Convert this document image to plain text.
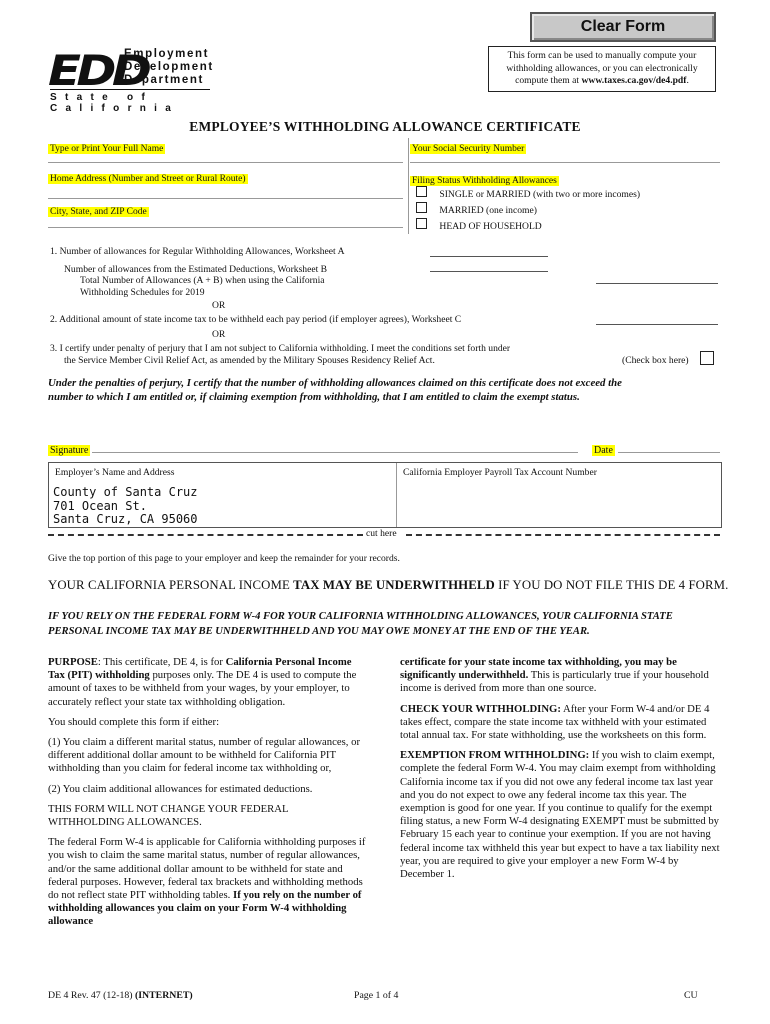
Clear Form
EDD
Employment
Development
Department
State of California
This form can be used to manually compute your
withholding allowances, or you can electronically
compute them at www.taxes.ca.gov/de4.pdf.
EMPLOYEE’S WITHHOLDING ALLOWANCE CERTIFICATE
Type or Print Your Full Name	Your Social Security Number
Home Address (Number and Street or Rural Route)	Filing Status Withholding Allowances
City, State, and ZIP Code
SINGLE or MARRIED (with two or more incomes)
MARRIED (one income)
HEAD OF HOUSEHOLD
1. Number of allowances for Regular Withholding Allowances, Worksheet A
Number of allowances from the Estimated Deductions, Worksheet B
Total Number of Allowances (A + B) when using the California
Withholding Schedules for 2019
OR
2. Additional amount of state income tax to be withheld each pay period (if employer agrees), Worksheet C
OR
3. I certify under penalty of perjury that I am not subject to California withholding. I meet the conditions set forth under
the Service Member Civil Relief Act, as amended by the Military Spouses Residency Relief Act.	(Check box here)
Under the penalties of perjury, I certify that the number of withholding allowances claimed on this certificate does not exceed the
number to which I am entitled or, if claiming exemption from withholding, that I am entitled to claim the exempt status.
Signature	Date
Employer’s Name and Address	California Employer Payroll Tax Account Number
County of Santa Cruz
701 Ocean St.
Santa Cruz, CA 95060
cut here
Give the top portion of this page to your employer and keep the remainder for your records.
YOUR CALIFORNIA PERSONAL INCOME TAX MAY BE UNDERWITHHELD IF YOU DO NOT FILE THIS DE 4 FORM.
IF YOU RELY ON THE FEDERAL FORM W-4 FOR YOUR CALIFORNIA WITHHOLDING ALLOWANCES, YOUR CALIFORNIA STATE
PERSONAL INCOME TAX MAY BE UNDERWITHHELD AND YOU MAY OWE MONEY AT THE END OF THE YEAR.

PURPOSE: This certificate, DE 4, is for California Personal Income Tax (PIT) withholding purposes only. The DE 4 is used to compute the amount of taxes to be withheld from your wages, by your employer, to accurately reflect your state tax withholding obligation.

You should complete this form if either:

(1) You claim a different marital status, number of regular allowances, or different additional dollar amount to be withheld for California PIT withholding than you claim for federal income tax withholding or,

(2) You claim additional allowances for estimated deductions.

THIS FORM WILL NOT CHANGE YOUR FEDERAL WITHHOLDING ALLOWANCES.

The federal Form W-4 is applicable for California withholding purposes if you wish to claim the same marital status, number of regular allowances, and/or the same additional dollar amount to be withheld for state and federal purposes. However, federal tax brackets and withholding methods do not reflect state PIT withholding tables. If you rely on the number of withholding allowances you claim on your Form W-4 withholding allowance

certificate for your state income tax withholding, you may be significantly underwithheld. This is particularly true if your household income is derived from more than one source.

CHECK YOUR WITHHOLDING: After your Form W-4 and/or DE 4 takes effect, compare the state income tax withheld with your estimated total annual tax. For state withholding, use the worksheets on this form.

EXEMPTION FROM WITHHOLDING: If you wish to claim exempt, complete the federal Form W-4. You may claim exempt from withholding California income tax if you did not owe any federal income tax last year and you do not expect to owe any federal income tax this year. The exemption is good for one year. If you continue to qualify for the exempt filing status, a new Form W-4 designating EXEMPT must be submitted by February 15 each year to continue your exemption. If you are not having federal income tax withheld this year but expect to have a tax liability next year, you are required to give your employer a new Form W-4 by December 1.

DE 4 Rev. 47 (12-18) (INTERNET)	Page 1 of 4	CU
